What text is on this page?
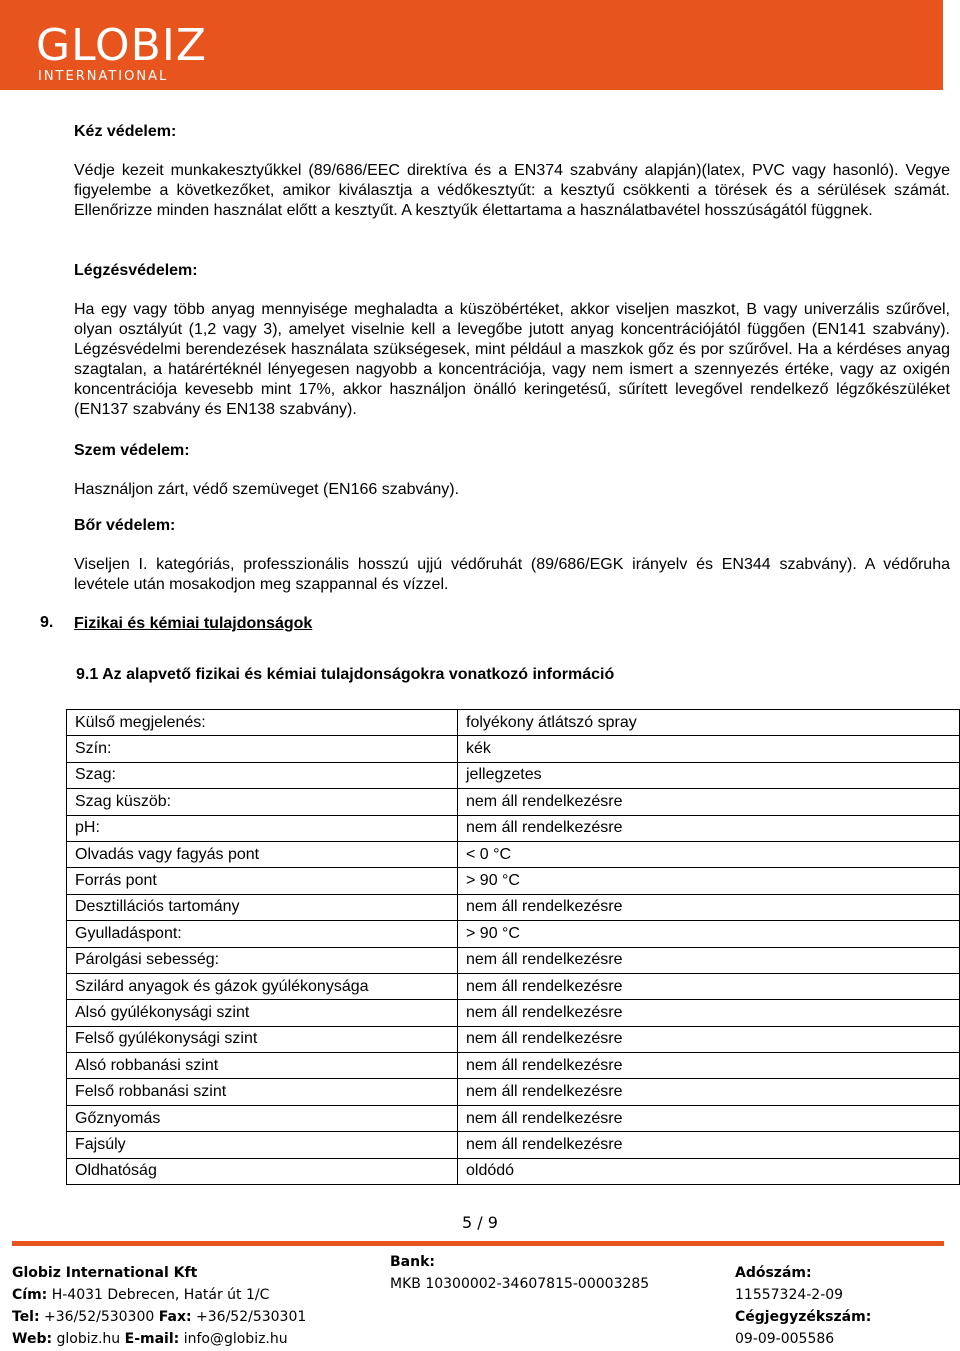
GLOBIZ
INTERNATIONAL
Kéz védelem:
Védje kezeit munkakesztyűkkel (89/686/EEC direktíva és a EN374 szabvány alapján)(latex, PVC vagy hasonló). Vegye figyelembe a következőket, amikor kiválasztja a védőkesztyűt: a kesztyű csökkenti a törések és a sérülések számát. Ellenőrizze minden használat előtt a kesztyűt. A kesztyűk élettartama a használatbavétel hosszúságától függnek.
Légzésvédelem:
Ha egy vagy több anyag mennyisége meghaladta a küszöbértéket, akkor viseljen maszkot, B vagy univerzális szűrővel, olyan osztályút (1,2 vagy 3), amelyet viselnie kell a levegőbe jutott anyag koncentrációjától függően (EN141 szabvány). Légzésvédelmi berendezések használata szükségesek, mint például a maszkok gőz és por szűrővel. Ha a kérdéses anyag szagtalan, a határértéknél lényegesen nagyobb a koncentrációja, vagy nem ismert a szennyezés értéke, vagy az oxigén koncentrációja kevesebb mint 17%, akkor használjon önálló keringetésű, sűrített levegővel rendelkező légzőkészüléket (EN137 szabvány és EN138 szabvány).
Szem védelem:
Használjon zárt, védő szemüveget (EN166 szabvány).
Bőr védelem:
Viseljen I. kategóriás, professzionális hosszú ujjú védőruhát (89/686/EGK irányelv és EN344 szabvány). A védőruha levétele után mosakodjon meg szappannal és vízzel.
9. Fizikai és kémiai tulajdonságok
9.1 Az alapvető fizikai és kémiai tulajdonságokra vonatkozó információ
Külső megjelenés:	folyékony átlátszó spray
Szín:	kék
Szag:	jellegzetes
Szag küszöb:	nem áll rendelkezésre
pH:	nem áll rendelkezésre
Olvadás vagy fagyás pont	< 0 °C
Forrás pont	> 90 °C
Desztillációs tartomány	nem áll rendelkezésre
Gyulladáspont:	> 90 °C
Párolgási sebesség:	nem áll rendelkezésre
Szilárd anyagok és gázok gyúlékonysága	nem áll rendelkezésre
Alsó gyúlékonysági szint	nem áll rendelkezésre
Felső gyúlékonysági szint	nem áll rendelkezésre
Alsó robbanási szint	nem áll rendelkezésre
Felső robbanási szint	nem áll rendelkezésre
Gőznyomás	nem áll rendelkezésre
Fajsúly	nem áll rendelkezésre
Oldhatóság	oldódó
5 / 9
Globiz International Kft
Cím: H-4031 Debrecen, Határ út 1/C
Tel: +36/52/530300 Fax: +36/52/530301
Web: globiz.hu E-mail: info@globiz.hu
Bank:
MKB 10300002-34607815-00003285
Adószám:
11557324-2-09
Cégjegyzékszám:
09-09-005586
